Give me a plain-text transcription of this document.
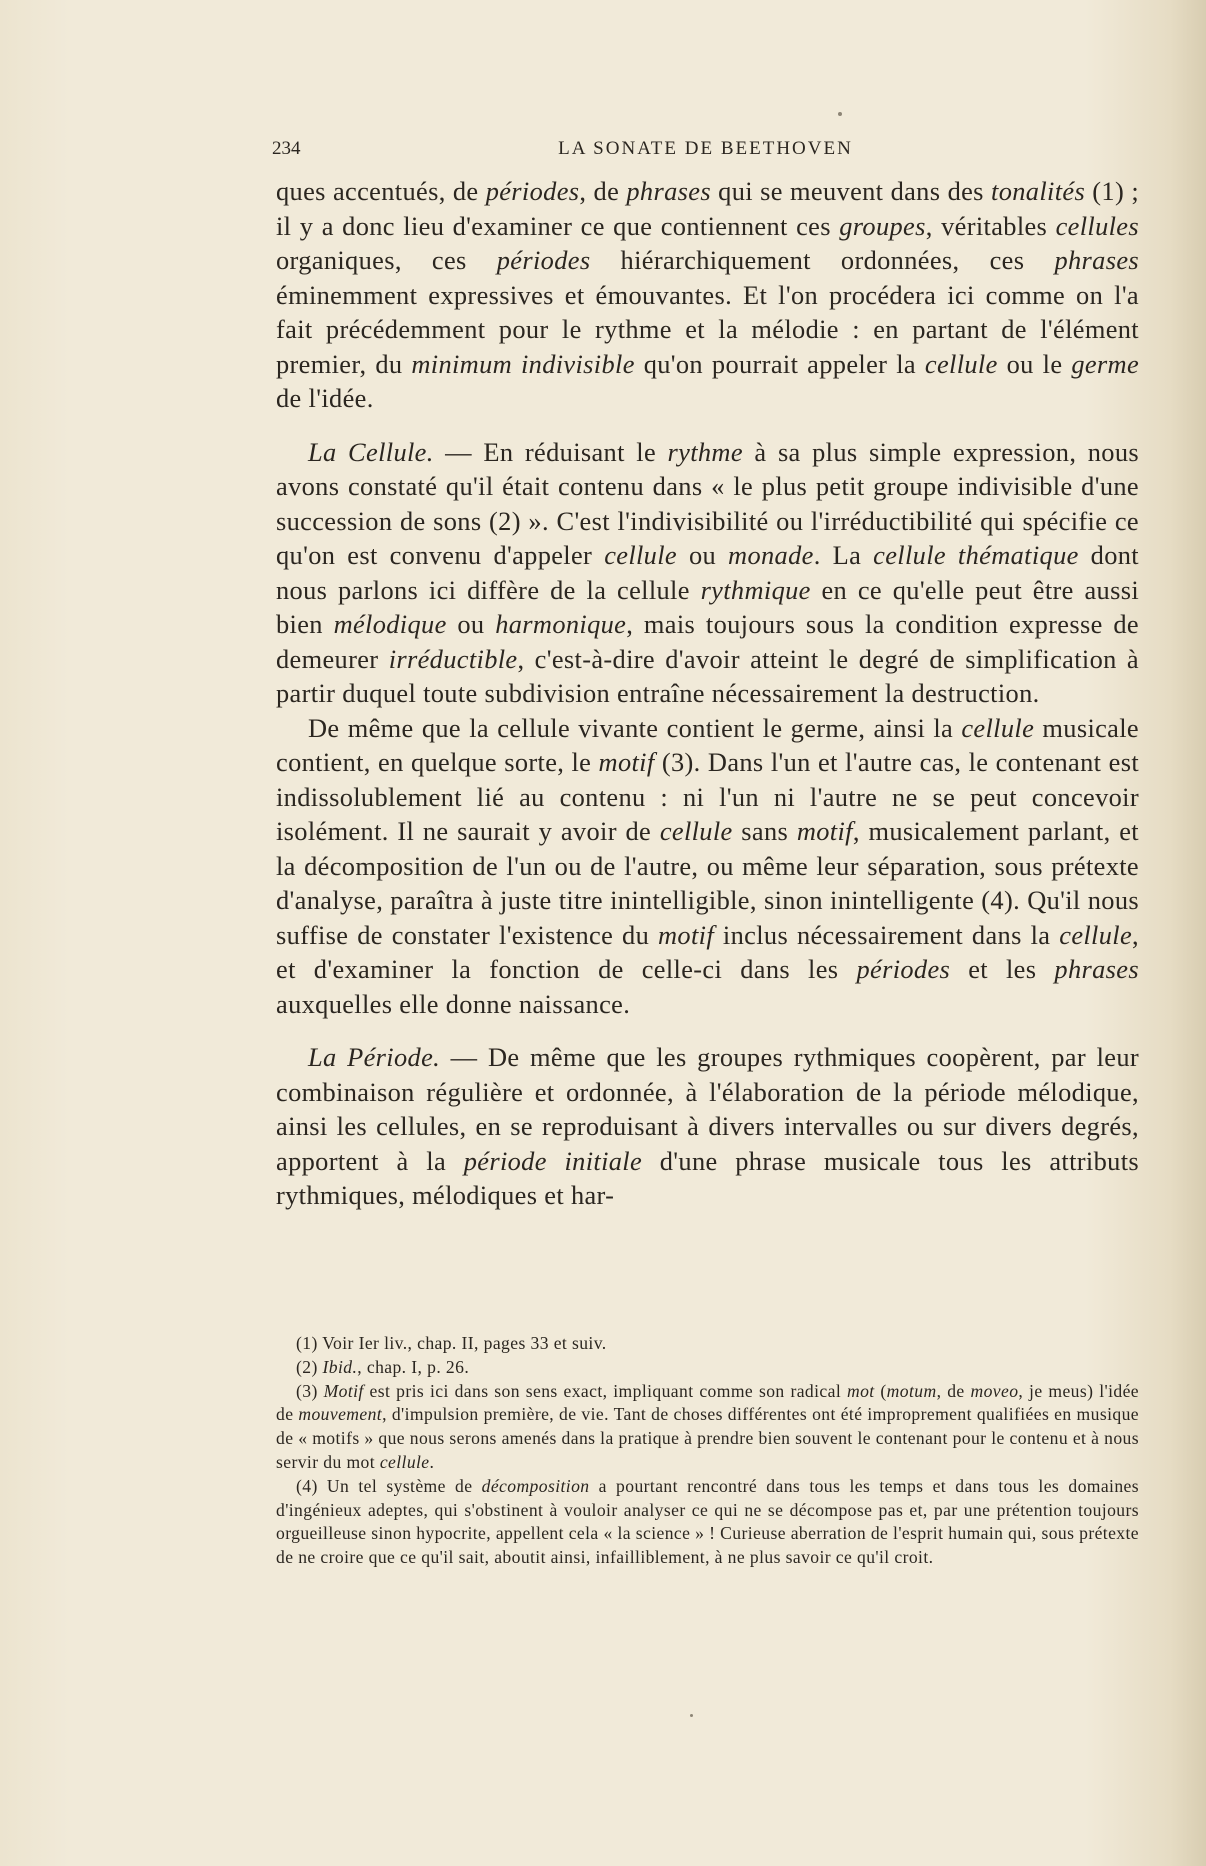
234	LA SONATE DE BEETHOVEN

ques accentués, de périodes, de phrases qui se meuvent dans des tonalités (1) ; il y a donc lieu d'examiner ce que contiennent ces groupes, véritables cellules organiques, ces périodes hiérarchiquement ordonnées, ces phrases éminemment expressives et émouvantes. Et l'on procédera ici comme on l'a fait précédemment pour le rythme et la mélodie : en partant de l'élément premier, du minimum indivisible qu'on pourrait appeler la cellule ou le germe de l'idée.

La Cellule. — En réduisant le rythme à sa plus simple expression, nous avons constaté qu'il était contenu dans « le plus petit groupe indivisible d'une succession de sons (2) ». C'est l'indivisibilité ou l'irréductibilité qui spécifie ce qu'on est convenu d'appeler cellule ou monade. La cellule thématique dont nous parlons ici diffère de la cellule rythmique en ce qu'elle peut être aussi bien mélodique ou harmonique, mais toujours sous la condition expresse de demeurer irréductible, c'est-à-dire d'avoir atteint le degré de simplification à partir duquel toute subdivision entraîne nécessairement la destruction.

De même que la cellule vivante contient le germe, ainsi la cellule musicale contient, en quelque sorte, le motif (3). Dans l'un et l'autre cas, le contenant est indissolublement lié au contenu : ni l'un ni l'autre ne se peut concevoir isolément. Il ne saurait y avoir de cellule sans motif, musicalement parlant, et la décomposition de l'un ou de l'autre, ou même leur séparation, sous prétexte d'analyse, paraîtra à juste titre inintelligible, sinon inintelligente (4). Qu'il nous suffise de constater l'existence du motif inclus nécessairement dans la cellule, et d'examiner la fonction de celle-ci dans les périodes et les phrases auxquelles elle donne naissance.

La Période. — De même que les groupes rythmiques coopèrent, par leur combinaison régulière et ordonnée, à l'élaboration de la période mélodique, ainsi les cellules, en se reproduisant à divers intervalles ou sur divers degrés, apportent à la période initiale d'une phrase musicale tous les attributs rythmiques, mélodiques et har-

(1) Voir Ier liv., chap. II, pages 33 et suiv.

(2) Ibid., chap. I, p. 26.

(3) Motif est pris ici dans son sens exact, impliquant comme son radical mot (motum, de moveo, je meus) l'idée de mouvement, d'impulsion première, de vie. Tant de choses différentes ont été improprement qualifiées en musique de « motifs » que nous serons amenés dans la pratique à prendre bien souvent le contenant pour le contenu et à nous servir du mot cellule.

(4) Un tel système de décomposition a pourtant rencontré dans tous les temps et dans tous les domaines d'ingénieux adeptes, qui s'obstinent à vouloir analyser ce qui ne se décompose pas et, par une prétention toujours orgueilleuse sinon hypocrite, appellent cela « la science » ! Curieuse aberration de l'esprit humain qui, sous prétexte de ne croire que ce qu'il sait, aboutit ainsi, infailliblement, à ne plus savoir ce qu'il croit.
